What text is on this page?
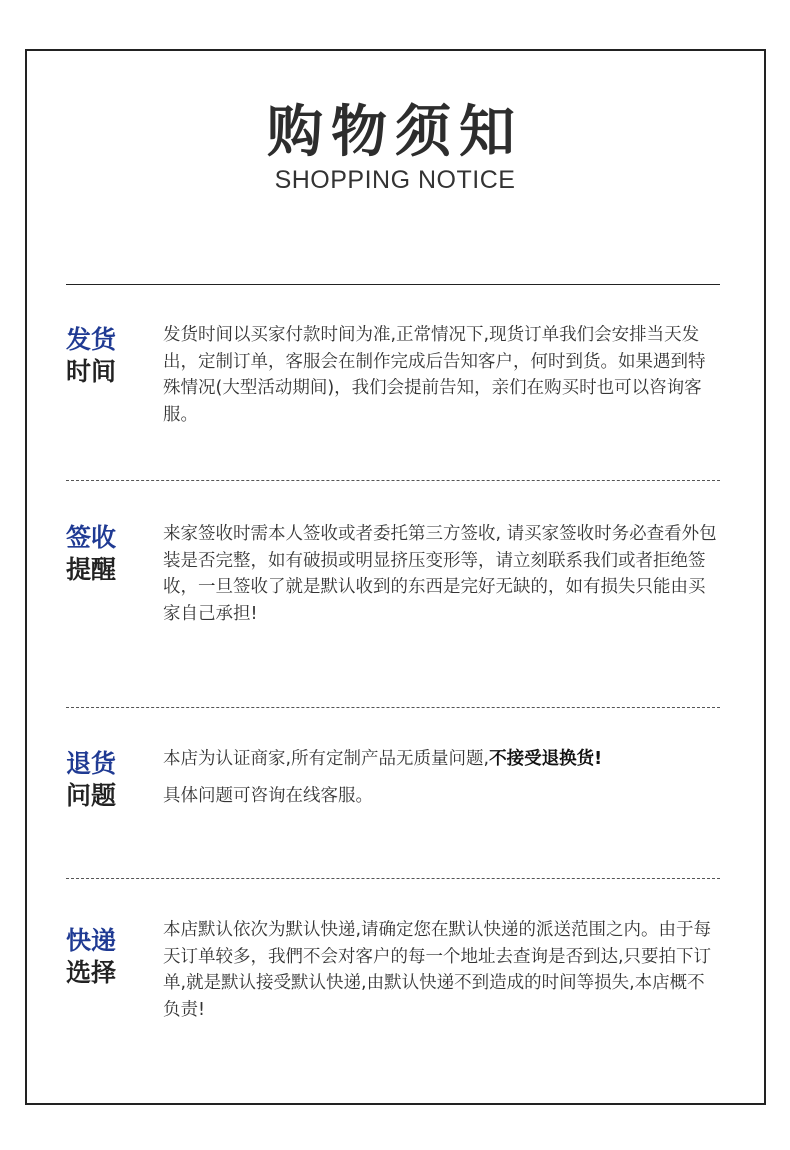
购物须知
SHOPPING NOTICE
发货
时间

发货时间以买家付款时间为准,正常情况下,现货订单我们会安排当天发出，定制订单，客服会在制作完成后告知客户，何时到货。如果遇到特殊情况(大型活动期间)，我们会提前告知，亲们在购买时也可以咨询客服。

签收
提醒

来家签收时需本人签收或者委托第三方签收, 请买家签收时务必查看外包装是否完整，如有破损或明显挤压变形等，请立刻联系我们或者拒绝签收，一旦签收了就是默认收到的东西是完好无缺的，如有损失只能由买家自己承担!

退货
问题

本店为认证商家,所有定制产品无质量问题,不接受退换货!

具体问题可咨询在线客服。

快递
选择

本店默认依次为默认快递,请确定您在默认快递的派送范围之内。由于每天订单较多，我們不会对客户的每一个地址去查询是否到达,只要拍下订单,就是默认接受默认快递,由默认快递不到造成的时间等损失,本店概不负责!
